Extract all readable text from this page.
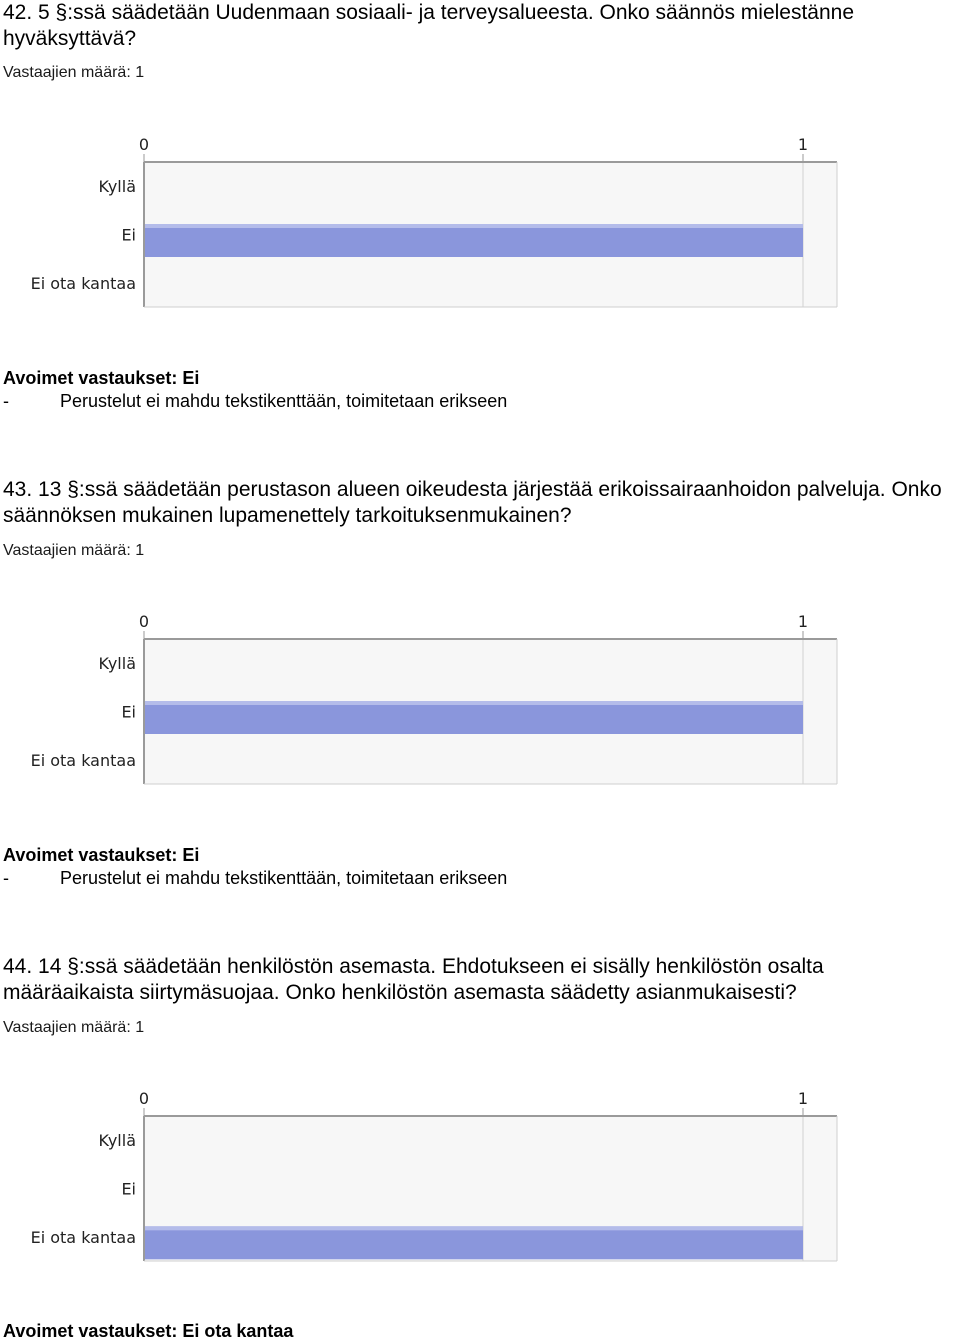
42. 5 §:ssä säädetään Uudenmaan sosiaali- ja terveysalueesta. Onko säännös mielestänne hyväksyttävä?
Vastaajien määrä: 1
0	1
Kyllä
Ei
Ei ota kantaa
Avoimet vastaukset: Ei
-	Perustelut ei mahdu tekstikenttään, toimitetaan erikseen
43. 13 §:ssä säädetään perustason alueen oikeudesta järjestää erikoissairaanhoidon palveluja. Onko säännöksen mukainen lupamenettely tarkoituksenmukainen?
Vastaajien määrä: 1
0	1
Kyllä
Ei
Ei ota kantaa
Avoimet vastaukset: Ei
-	Perustelut ei mahdu tekstikenttään, toimitetaan erikseen
44. 14 §:ssä säädetään henkilöstön asemasta. Ehdotukseen ei sisälly henkilöstön osalta määräaikaista siirtymäsuojaa. Onko henkilöstön asemasta säädetty asianmukaisesti?
Vastaajien määrä: 1
0	1
Kyllä
Ei
Ei ota kantaa
Avoimet vastaukset: Ei ota kantaa
